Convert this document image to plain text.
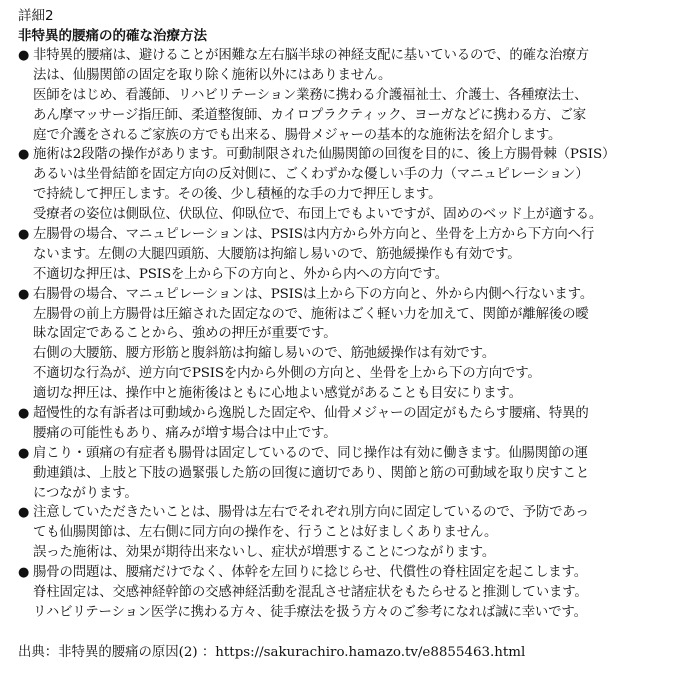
詳細2
非特異的腰痛の的確な治療方法
● 非特異的腰痛は、避けることが困難な左右脳半球の神経支配に基いているので、的確な治療方
法は、仙腸関節の固定を取り除く施術以外にはありません。
医師をはじめ、看護師、リハビリテーション業務に携わる介護福祉士、介護士、各種療法士、
あん摩マッサージ指圧師、柔道整復師、カイロプラクティック、ヨーガなどに携わる方、ご家
庭で介護をされるご家族の方でも出来る、腸骨メジャーの基本的な施術法を紹介します。
● 施術は2段階の操作があります。可動制限された仙腸関節の回復を目的に、後上方腸骨棘（PSIS）
あるいは坐骨結節を固定方向の反対側に、ごくわずかな優しい手の力（マニュピレーション）
で持続して押圧します。その後、少し積極的な手の力で押圧します。
受療者の姿位は側臥位、伏臥位、仰臥位で、布団上でもよいですが、固めのベッド上が適する。
● 左腸骨の場合、マニュピレーションは、PSISは内方から外方向と、坐骨を上方から下方向へ行
ないます。左側の大腿四頭筋、大腰筋は拘縮し易いので、筋弛緩操作も有効です。
不適切な押圧は、PSISを上から下の方向と、外から内への方向です。
● 右腸骨の場合、マニュピレーションは、PSISは上から下の方向と、外から内側へ行ないます。
左腸骨の前上方腸骨は圧縮された固定なので、施術はごく軽い力を加えて、関節が離解後の曖
昧な固定であることから、強めの押圧が重要です。
右側の大腰筋、腰方形筋と腹斜筋は拘縮し易いので、筋弛緩操作は有効です。
不適切な行為が、逆方向でPSISを内から外側の方向と、坐骨を上から下の方向です。
適切な押圧は、操作中と施術後はともに心地よい感覚があることも目安にります。
● 超慢性的な有訴者は可動域から逸脱した固定や、仙骨メジャーの固定がもたらす腰痛、特異的
腰痛の可能性もあり、痛みが増す場合は中止です。
● 肩こり・頭痛の有症者も腸骨は固定しているので、同じ操作は有効に働きます。仙腸関節の運
動連鎖は、上肢と下肢の過緊張した筋の回復に適切であり、関節と筋の可動域を取り戻すこと
につながります。
● 注意していただきたいことは、腸骨は左右でそれぞれ別方向に固定しているので、予防であっ
ても仙腸関節は、左右側に同方向の操作を、行うことは好ましくありません。
誤った施術は、効果が期待出来ないし、症状が増悪することにつながります。
● 腸骨の問題は、腰痛だけでなく、体幹を左回りに捻じらせ、代償性の脊柱固定を起こします。
脊柱固定は、交感神経幹節の交感神経活動を混乱させ諸症状をもたらせると推測しています。
リハビリテーション医学に携わる方々、徒手療法を扱う方々のご参考になれば誠に幸いです。
出典：非特異的腰痛の原因(2) ：https://sakurachiro.hamazo.tv/e8855463.html
